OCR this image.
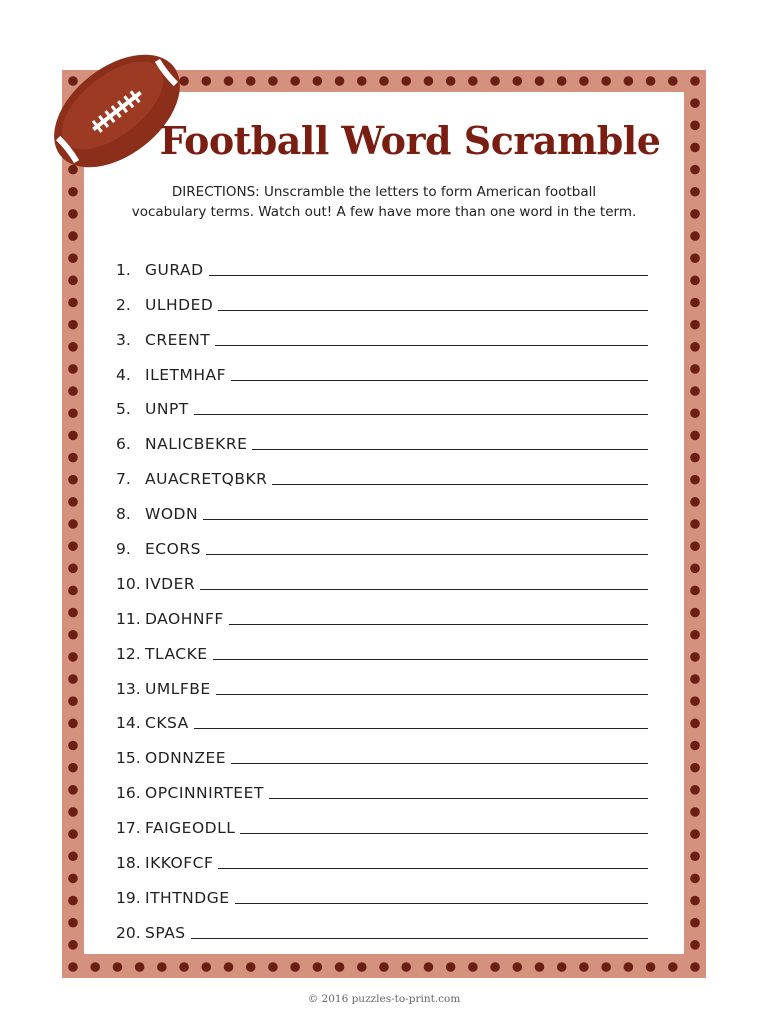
Football Word Scramble
DIRECTIONS: Unscramble the letters to form American football
vocabulary terms. Watch out! A few have more than one word in the term.
1. GURAD
2. ULHDED
3. CREENT
4. ILETMHAF
5. UNPT
6. NALICBEKRE
7. AUACRETQBKR
8. WODN
9. ECORS
10. IVDER
11. DAOHNFF
12. TLACKE
13. UMLFBE
14. CKSA
15. ODNNZEE
16. OPCINNIRTEET
17. FAIGEODLL
18. IKKOFCF
19. ITHTNDGE
20. SPAS
© 2016 puzzles-to-print.com
